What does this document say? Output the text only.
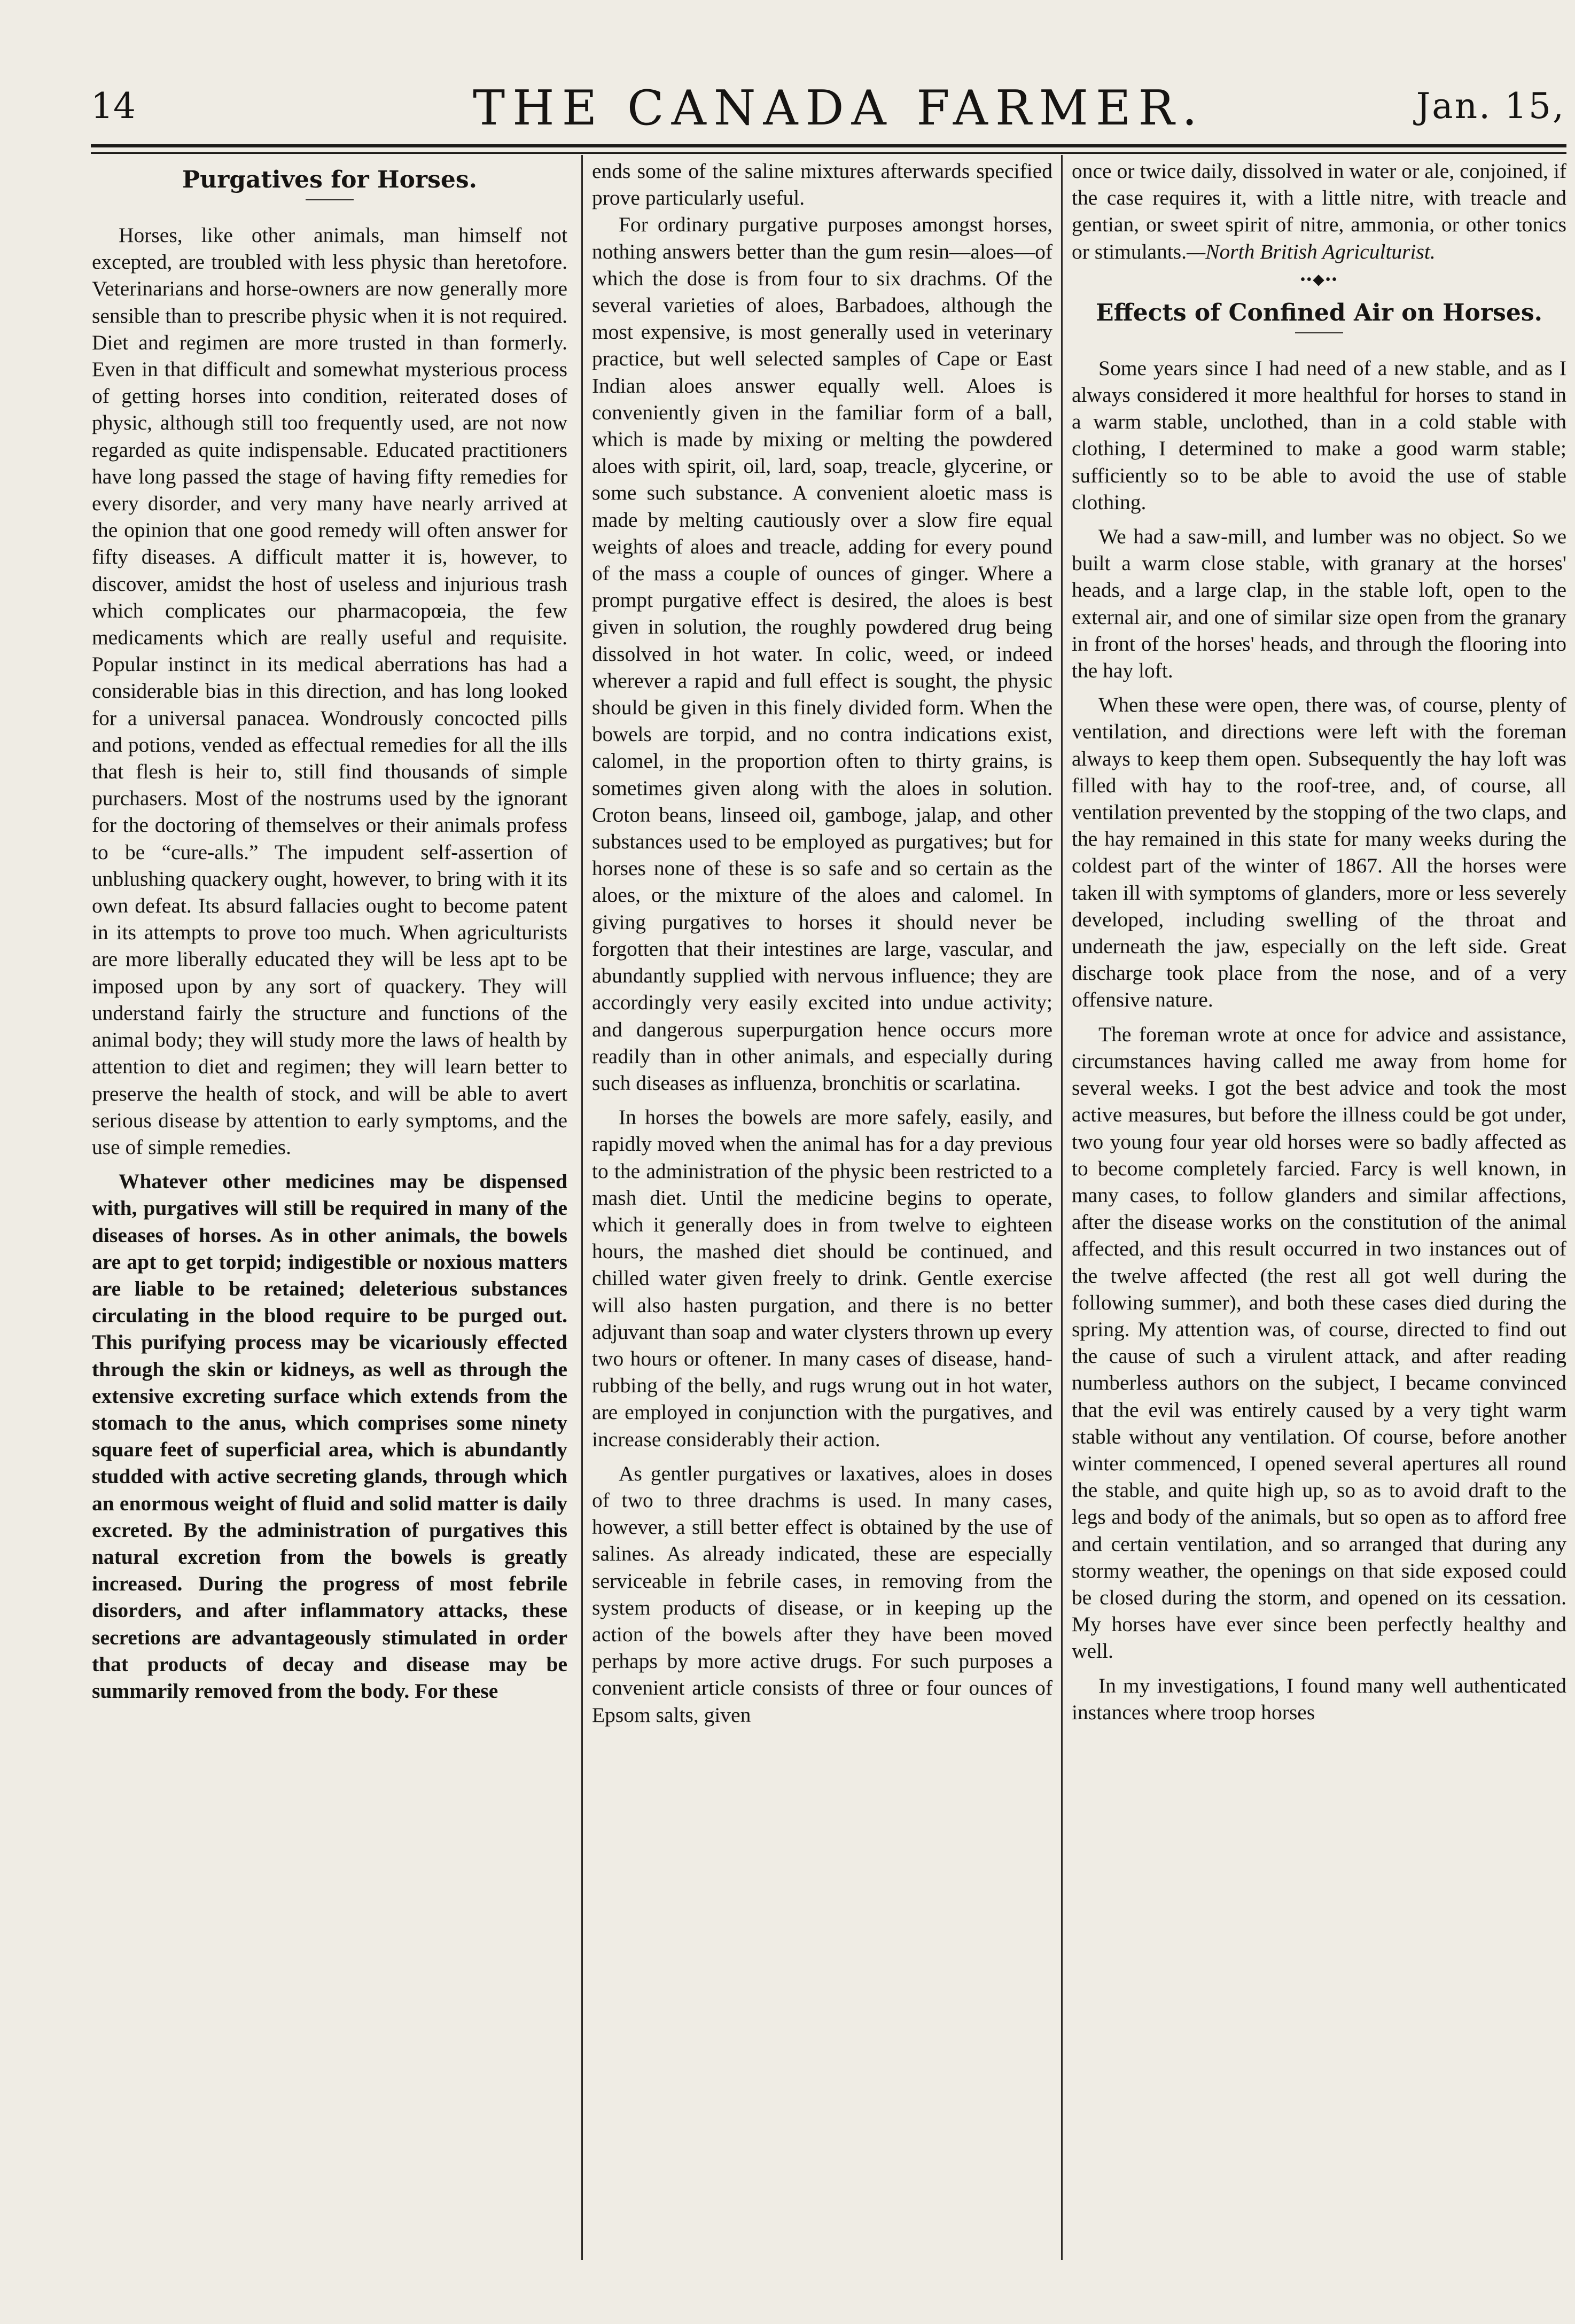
14	THE CANADA FARMER.	Jan. 15,
Purgatives for Horses.

Horses, like other animals, man himself not excepted, are troubled with less physic than heretofore. Veterinarians and horse-owners are now generally more sensible than to prescribe physic when it is not required. Diet and regimen are more trusted in than formerly. Even in that difficult and somewhat mysterious process of getting horses into condition, reiterated doses of physic, although still too frequently used, are not now regarded as quite indispensable. Educated practitioners have long passed the stage of having fifty remedies for every disorder, and very many have nearly arrived at the opinion that one good remedy will often answer for fifty diseases. A difficult matter it is, however, to discover, amidst the host of useless and injurious trash which complicates our pharmacopœia, the few medicaments which are really useful and requisite. Popular instinct in its medical aberrations has had a considerable bias in this direction, and has long looked for a universal panacea. Wondrously concocted pills and potions, vended as effectual remedies for all the ills that flesh is heir to, still find thousands of simple purchasers. Most of the nostrums used by the ignorant for the doctoring of themselves or their animals profess to be “cure-alls.” The impudent self-assertion of unblushing quackery ought, however, to bring with it its own defeat. Its absurd fallacies ought to become patent in its attempts to prove too much. When agriculturists are more liberally educated they will be less apt to be imposed upon by any sort of quackery. They will understand fairly the structure and functions of the animal body; they will study more the laws of health by attention to diet and regimen; they will learn better to preserve the health of stock, and will be able to avert serious disease by attention to early symptoms, and the use of simple remedies.

Whatever other medicines may be dispensed with, purgatives will still be required in many of the diseases of horses. As in other animals, the bowels are apt to get torpid; indigestible or noxious matters are liable to be retained; deleterious substances circulating in the blood require to be purged out. This purifying process may be vicariously effected through the skin or kidneys, as well as through the extensive excreting surface which extends from the stomach to the anus, which comprises some ninety square feet of superficial area, which is abundantly studded with active secreting glands, through which an enormous weight of fluid and solid matter is daily excreted. By the administration of purgatives this natural excretion from the bowels is greatly increased. During the progress of most febrile disorders, and after inflammatory attacks, these secretions are advantageously stimulated in order that products of decay and disease may be summarily removed from the body. For these

ends some of the saline mixtures afterwards specified prove particularly useful.

For ordinary purgative purposes amongst horses, nothing answers better than the gum resin—aloes—of which the dose is from four to six drachms. Of the several varieties of aloes, Barbadoes, although the most expensive, is most generally used in veterinary practice, but well selected samples of Cape or East Indian aloes answer equally well. Aloes is conveniently given in the familiar form of a ball, which is made by mixing or melting the powdered aloes with spirit, oil, lard, soap, treacle, glycerine, or some such substance. A convenient aloetic mass is made by melting cautiously over a slow fire equal weights of aloes and treacle, adding for every pound of the mass a couple of ounces of ginger. Where a prompt purgative effect is desired, the aloes is best given in solution, the roughly powdered drug being dissolved in hot water. In colic, weed, or indeed wherever a rapid and full effect is sought, the physic should be given in this finely divided form. When the bowels are torpid, and no contra indications exist, calomel, in the proportion often to thirty grains, is sometimes given along with the aloes in solution. Croton beans, linseed oil, gamboge, jalap, and other substances used to be employed as purgatives; but for horses none of these is so safe and so certain as the aloes, or the mixture of the aloes and calomel. In giving purgatives to horses it should never be forgotten that their intestines are large, vascular, and abundantly supplied with nervous influence; they are accordingly very easily excited into undue activity; and dangerous superpurgation hence occurs more readily than in other animals, and especially during such diseases as influenza, bronchitis or scarlatina.

In horses the bowels are more safely, easily, and rapidly moved when the animal has for a day previous to the administration of the physic been restricted to a mash diet. Until the medicine begins to operate, which it generally does in from twelve to eighteen hours, the mashed diet should be continued, and chilled water given freely to drink. Gentle exercise will also hasten purgation, and there is no better adjuvant than soap and water clysters thrown up every two hours or oftener. In many cases of disease, hand-rubbing of the belly, and rugs wrung out in hot water, are employed in conjunction with the purgatives, and increase considerably their action.

As gentler purgatives or laxatives, aloes in doses of two to three drachms is used. In many cases, however, a still better effect is obtained by the use of salines. As already indicated, these are especially serviceable in febrile cases, in removing from the system products of disease, or in keeping up the action of the bowels after they have been moved perhaps by more active drugs. For such purposes a convenient article consists of three or four ounces of Epsom salts, given

once or twice daily, dissolved in water or ale, conjoined, if the case requires it, with a little nitre, with treacle and gentian, or sweet spirit of nitre, ammonia, or other tonics or stimulants.—North British Agriculturist.

••◆••
Effects of Confined Air on Horses.

Some years since I had need of a new stable, and as I always considered it more healthful for horses to stand in a warm stable, unclothed, than in a cold stable with clothing, I determined to make a good warm stable; sufficiently so to be able to avoid the use of stable clothing.

We had a saw-mill, and lumber was no object. So we built a warm close stable, with granary at the horses' heads, and a large clap, in the stable loft, open to the external air, and one of similar size open from the granary in front of the horses' heads, and through the flooring into the hay loft.

When these were open, there was, of course, plenty of ventilation, and directions were left with the foreman always to keep them open. Subsequently the hay loft was filled with hay to the roof-tree, and, of course, all ventilation prevented by the stopping of the two claps, and the hay remained in this state for many weeks during the coldest part of the winter of 1867. All the horses were taken ill with symptoms of glanders, more or less severely developed, including swelling of the throat and underneath the jaw, especially on the left side. Great discharge took place from the nose, and of a very offensive nature.

The foreman wrote at once for advice and assistance, circumstances having called me away from home for several weeks. I got the best advice and took the most active measures, but before the illness could be got under, two young four year old horses were so badly affected as to become completely farcied. Farcy is well known, in many cases, to follow glanders and similar affections, after the disease works on the constitution of the animal affected, and this result occurred in two instances out of the twelve affected (the rest all got well during the following summer), and both these cases died during the spring. My attention was, of course, directed to find out the cause of such a virulent attack, and after reading numberless authors on the subject, I became convinced that the evil was entirely caused by a very tight warm stable without any ventilation. Of course, before another winter commenced, I opened several apertures all round the stable, and quite high up, so as to avoid draft to the legs and body of the animals, but so open as to afford free and certain ventilation, and so arranged that during any stormy weather, the openings on that side exposed could be closed during the storm, and opened on its cessation. My horses have ever since been perfectly healthy and well.

In my investigations, I found many well authenticated instances where troop horses
